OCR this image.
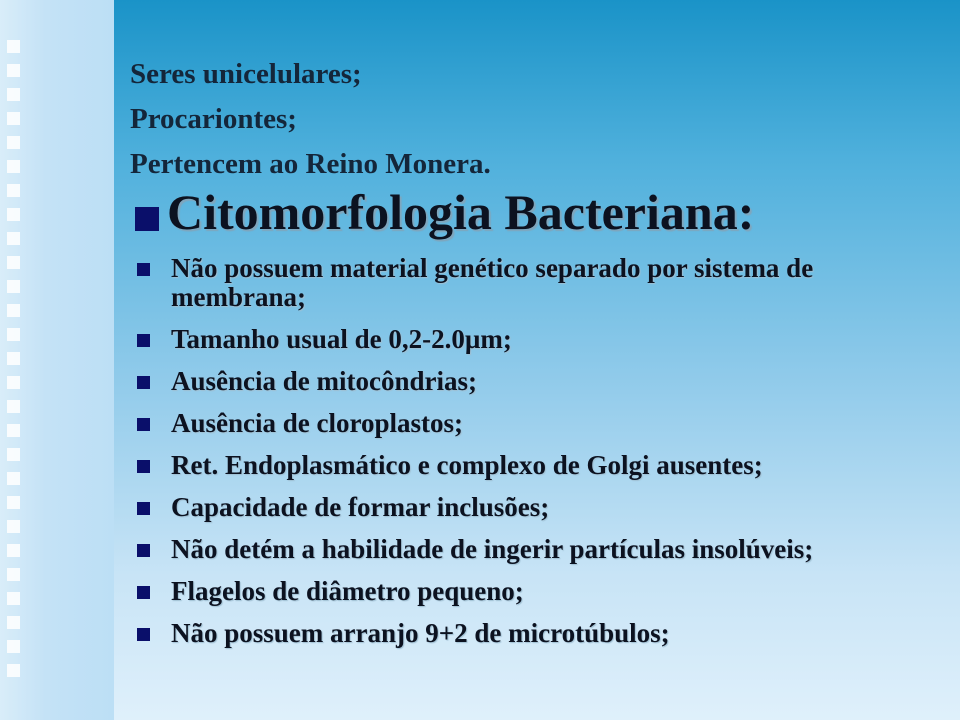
Seres unicelulares;
Procariontes;
Pertencem ao Reino Monera.
Citomorfologia Bacteriana:
Não possuem material genético separado por sistema de membrana;
Tamanho usual de 0,2-2.0µm;
Ausência de mitocôndrias;
Ausência de cloroplastos;
Ret. Endoplasmático e complexo de Golgi ausentes;
Capacidade de formar inclusões;
Não detém a habilidade de ingerir partículas insolúveis;
Flagelos de diâmetro pequeno;
Não possuem arranjo 9+2 de microtúbulos;
